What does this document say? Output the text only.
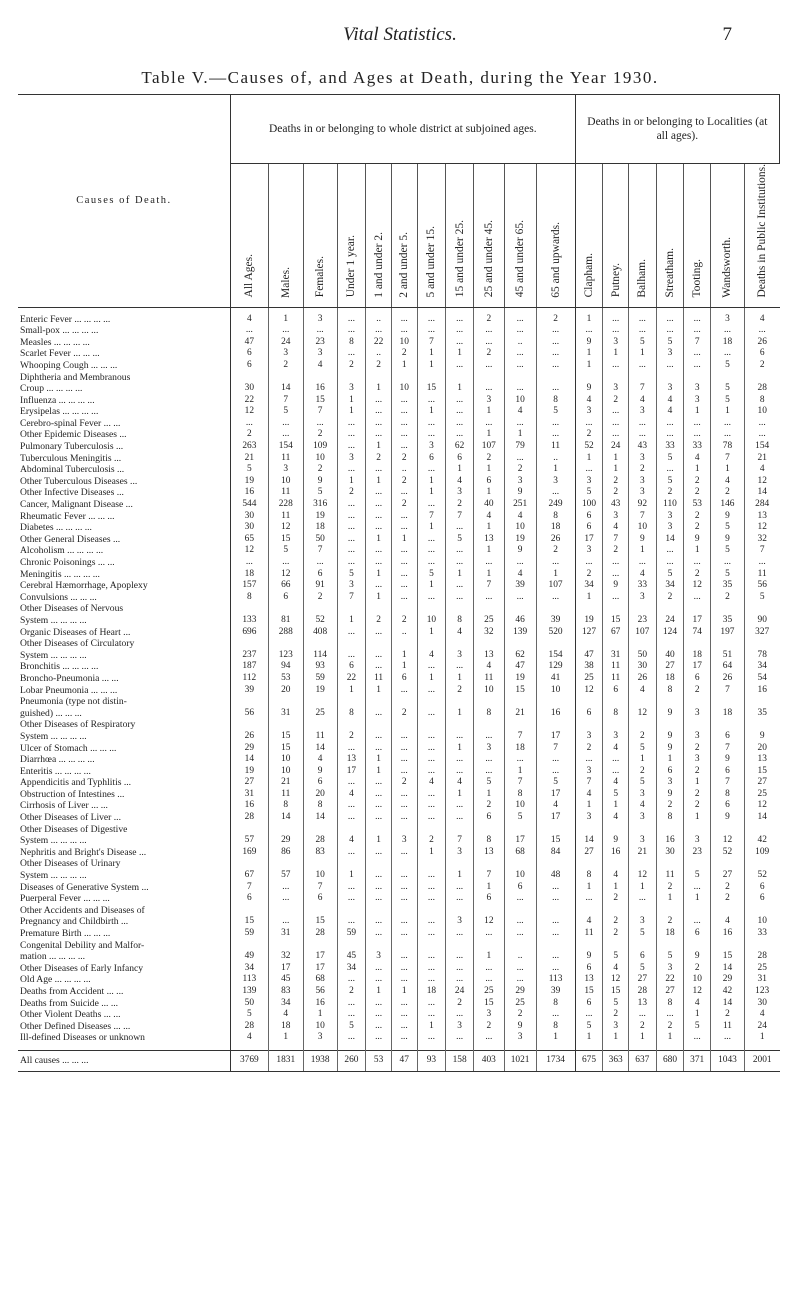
Vital Statistics.	7
Table V.—Causes of, and Ages at Death, during the Year 1930.
Causes of Death.	Deaths in or belonging to whole district at subjoined ages.											Deaths in or belonging to Localities (at all ages).						
	All Ages.	Males.	Females.	Under 1 year.	1 and under 2.	2 and under 5.	5 and under 15.	15 and under 25.	25 and under 45.	45 and under 65.	65 and upwards.	Clapham.	Putney.	Balham.	Streatham.	Tooting.	Wandsworth.	Deaths in Public Institutions.

Enteric Fever ... ... ... ...	4	1	3	...	..	...	...	...	2	...	2	1	...	...	...	...	3	4
Small-pox ... ... ... ...	...	...	...	...	...	...	...	...	...	...	...	...	...	...	...	...	...	...
Measles ... ... ... ...	47	24	23	8	22	10	7	...	...	..	...	9	3	5	5	7	18	26
Scarlet Fever ... ... ...	6	3	3	...	..	2	1	1	2	...	...	1	1	1	3	...	...	6
Whooping Cough ... ... ...	6	2	4	2	2	1	1	...	...	...	...	1	...	...	...	...	5	2
Diphtheria and Membranous																		
Croup ... ... ... ...	30	14	16	3	1	10	15	1	...	...	...	9	3	7	3	3	5	28
Influenza ... ... ... ...	22	7	15	1	...	...	...	...	3	10	8	4	2	4	4	3	5	8
Erysipelas ... ... ... ...	12	5	7	1	...	...	1	...	1	4	5	3	...	3	4	1	1	10
Cerebro-spinal Fever ... ...	...	...	...	...	...	...	...	...	...	...	...	...	...	...	...	...	...	...
Other Epidemic Diseases ...	2	...	2	...	...	...	...	...	1	1	...	2	...	...	...	...	...	...
Pulmonary Tuberculosis ...	263	154	109	...	1	...	3	62	107	79	11	52	24	43	33	33	78	154
Tuberculous Meningitis ...	21	11	10	3	2	2	6	6	2	...	..	1	1	3	5	4	7	21
Abdominal Tuberculosis ...	5	3	2	...	...	..	...	1	1	2	1	...	1	2	...	1	1	4
Other Tuberculous Diseases ...	19	10	9	1	1	2	1	4	6	3	3	3	2	3	5	2	4	12
Other Infective Diseases ...	16	11	5	2	...	...	1	3	1	9	...	5	2	3	2	2	2	14
Cancer, Malignant Disease ...	544	228	316	...	...	2	...	2	40	251	249	100	43	92	110	53	146	284
Rheumatic Fever ... ... ...	30	11	19	...	...	...	7	7	4	4	8	6	3	7	3	2	9	13
Diabetes ... ... ... ...	30	12	18	...	...	...	1	...	1	10	18	6	4	10	3	2	5	12
Other General Diseases ...	65	15	50	...	1	1	...	5	13	19	26	17	7	9	14	9	9	32
Alcoholism ... ... ... ...	12	5	7	...	...	...	...	...	1	9	2	3	2	1	...	1	5	7
Chronic Poisonings ... ...	...	...	...	...	...	...	...	...	...	...	...	...	...	...	...	...	...	...
Meningitis ... ... ... ...	18	12	6	5	1	...	5	1	1	4	1	2	...	4	5	2	5	11
Cerebral Hæmorrhage, Apoplexy	157	66	91	3	...	...	1	...	7	39	107	34	9	33	34	12	35	56
Convulsions ... ... ...	8	6	2	7	1	...	...	...	...	...	...	1	...	3	2	...	2	5
Other Diseases of Nervous																		
System ... ... ... ...	133	81	52	1	2	2	10	8	25	46	39	19	15	23	24	17	35	90
Organic Diseases of Heart ...	696	288	408	...	...	..	1	4	32	139	520	127	67	107	124	74	197	327
Other Diseases of Circulatory																		
System ... ... ... ...	237	123	114	...	...	1	4	3	13	62	154	47	31	50	40	18	51	78
Bronchitis ... ... ... ...	187	94	93	6	...	1	...	...	4	47	129	38	11	30	27	17	64	34
Broncho-Pneumonia ... ...	112	53	59	22	11	6	1	1	11	19	41	25	11	26	18	6	26	54
Lobar Pneumonia ... ... ...	39	20	19	1	1	...	...	2	10	15	10	12	6	4	8	2	7	16
Pneumonia (type not distin-																		
guished) ... ... ...	56	31	25	8	...	2	...	1	8	21	16	6	8	12	9	3	18	35
Other Diseases of Respiratory																		
System ... ... ... ...	26	15	11	2	...	...	...	...	...	7	17	3	3	2	9	3	6	9
Ulcer of Stomach ... ... ...	29	15	14	...	...	...	...	1	3	18	7	2	4	5	9	2	7	20
Diarrhœa ... ... ... ...	14	10	4	13	1	...	...	...	...	...	...	...	...	1	1	3	9	13
Enteritis ... ... ... ...	19	10	9	17	1	...	...	...	...	1	...	3	...	2	6	2	6	15
Appendicitis and Typhlitis ...	27	21	6	...	...	2	4	4	5	7	5	7	4	5	3	1	7	27
Obstruction of Intestines ...	31	11	20	4	...	...	...	1	1	8	17	4	5	3	9	2	8	25
Cirrhosis of Liver ... ...	16	8	8	...	...	...	...	...	2	10	4	1	1	4	2	2	6	12
Other Diseases of Liver ...	28	14	14	...	...	...	...	...	6	5	17	3	4	3	8	1	9	14
Other Diseases of Digestive																		
System ... ... ... ...	57	29	28	4	1	3	2	7	8	17	15	14	9	3	16	3	12	42
Nephritis and Bright's Disease ...	169	86	83	...	...	...	1	3	13	68	84	27	16	21	30	23	52	109
Other Diseases of Urinary																		
System ... ... ... ...	67	57	10	1	...	...	...	1	7	10	48	8	4	12	11	5	27	52
Diseases of Generative System ...	7	...	7	...	...	...	...	...	1	6	...	1	1	1	2	...	2	6
Puerperal Fever ... ... ...	6	...	6	...	...	...	...	...	6	...	...	...	2	...	1	1	2	6
Other Accidents and Diseases of																		
Pregnancy and Childbirth ...	15	...	15	...	...	...	...	3	12	...	...	4	2	3	2	...	4	10
Premature Birth ... ... ...	59	31	28	59	...	...	...	...	...	...	...	11	2	5	18	6	16	33
Congenital Debility and Malfor-																		
mation ... ... ... ...	49	32	17	45	3	...	...	...	1	..	...	9	5	6	5	9	15	28
Other Diseases of Early Infancy	34	17	17	34	...	...	...	...	...	...	...	6	4	5	3	2	14	25
Old Age ... ... ... ...	113	45	68	...	...	...	...	...	...	...	113	13	12	27	22	10	29	31
Deaths from Accident ... ...	139	83	56	2	1	1	18	24	25	29	39	15	15	28	27	12	42	123
Deaths from Suicide ... ...	50	34	16	...	...	...	...	2	15	25	8	6	5	13	8	4	14	30
Other Violent Deaths ... ...	5	4	1	...	...	...	...	...	3	2	...	...	2	...	...	1	2	4
Other Defined Diseases ... ...	28	18	10	5	...	...	1	3	2	9	8	5	3	2	2	5	11	24
Ill-defined Diseases or unknown	4	1	3	...	...	...	...	...	...	3	1	1	1	1	1	...	...	1

All causes ... ... ...	3769	1831	1938	260	53	47	93	158	403	1021	1734	675	363	637	680	371	1043	2001
